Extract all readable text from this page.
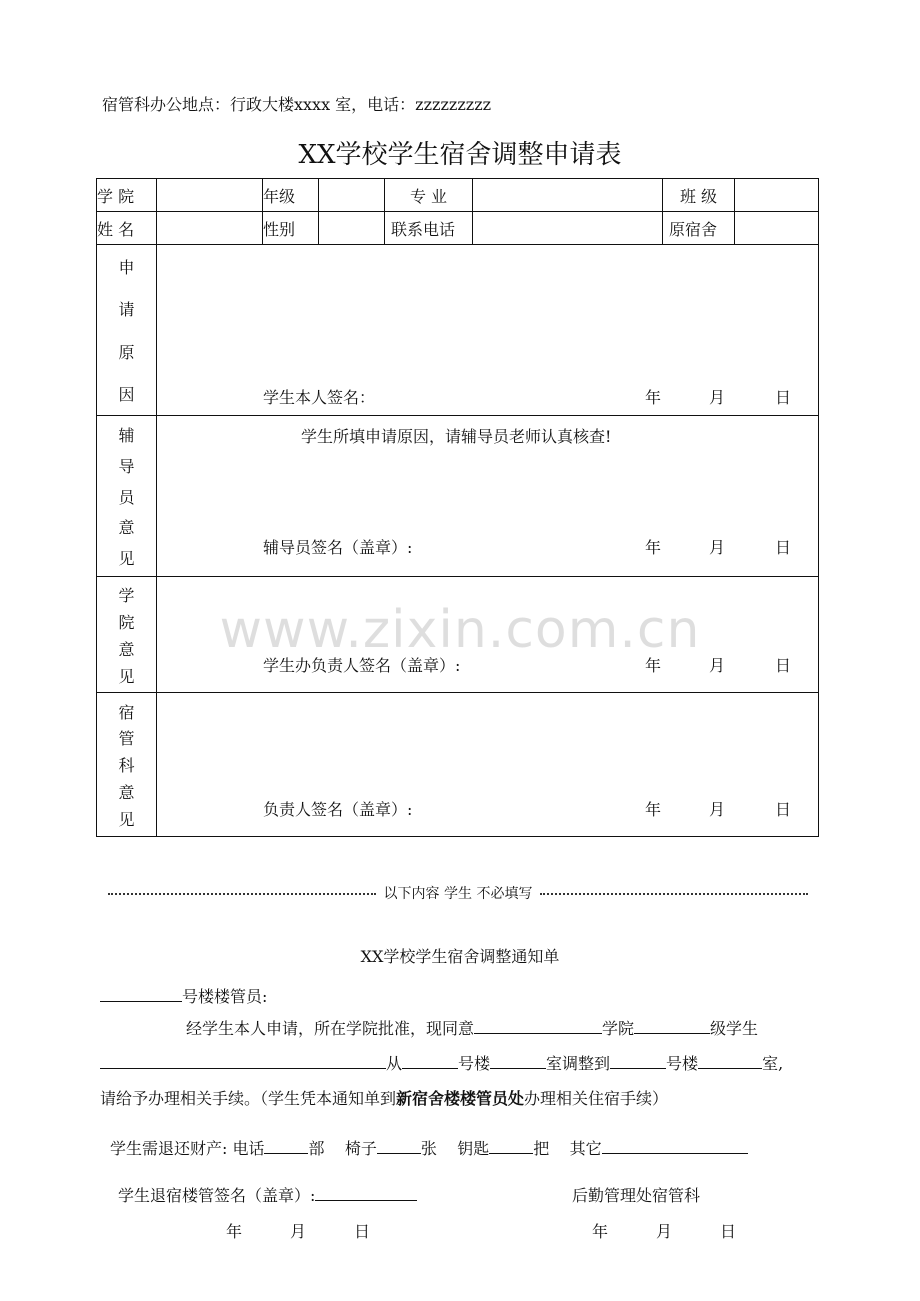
宿管科办公地点：行政大楼xxxx 室，电话：zzzzzzzzz
XX学校学生宿舍调整申请表
学 院		年级		专 业		班 级	
姓 名		性别		联系电话		原宿舍	

申
请
原
因	学生本人签名： 年 月 日						

辅
导
员
意
见	学生所填申请原因，请辅导员老师认真核查!
辅导员签名（盖章）: 年 月 日						

学
院
意
见	学生办负责人签名（盖章）: 年 月 日						

宿
管
科
意
见	负责人签名（盖章）: 年 月 日						
www.zixin.com.cn
以下内容 学生 不必填写
XX学校学生宿舍调整通知单
号楼楼管员:
经学生本人申请，所在学院批准，现同意	学院	级学生
从	号楼	室调整到	号楼	室,
请给予办理相关手续。（学生凭本通知单到新宿舍楼楼管员处办理相关住宿手续）
学生需退还财产: 电话	部 椅子	张 钥匙	把 其它
学生退宿楼管签名（盖章）:	后勤管理处宿管科
年	月	日	年	月	日
